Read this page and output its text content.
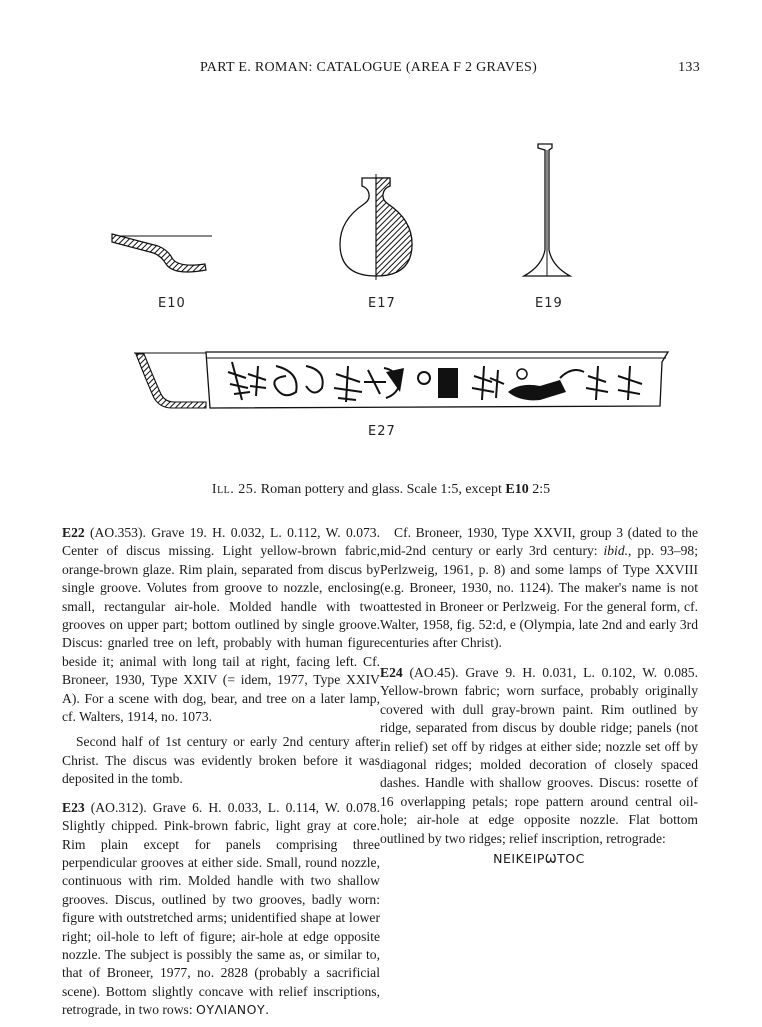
PART E. ROMAN: CATALOGUE (AREA F 2 GRAVES)	133
E10	E17	E19
E27
Ill. 25. Roman pottery and glass. Scale 1:5, except E10 2:5

E22 (AO.353). Grave 19. H. 0.032, L. 0.112, W. 0.073. Center of discus missing. Light yellow-brown fabric, orange-brown glaze. Rim plain, separated from discus by single groove. Volutes from groove to nozzle, enclosing small, rectangular air-hole. Molded handle with two grooves on upper part; bottom outlined by single groove. Discus: gnarled tree on left, probably with human figure beside it; animal with long tail at right, facing left. Cf. Broneer, 1930, Type XXIV (= idem, 1977, Type XXIV A). For a scene with dog, bear, and tree on a later lamp, cf. Walters, 1914, no. 1073.

Second half of 1st century or early 2nd century after Christ. The discus was evidently broken before it was deposited in the tomb.

E23 (AO.312). Grave 6. H. 0.033, L. 0.114, W. 0.078. Slightly chipped. Pink-brown fabric, light gray at core. Rim plain except for panels comprising three perpendicular grooves at either side. Small, round nozzle, continuous with rim. Molded handle with two shallow grooves. Discus, outlined by two grooves, badly worn: figure with outstretched arms; unidentified shape at lower right; oil-hole to left of figure; air-hole at edge opposite nozzle. The subject is possibly the same as, or similar to, that of Broneer, 1977, no. 2828 (probably a sacrificial scene). Bottom slightly concave with relief inscriptions, retrograde, in two rows: ΟΥΛΙΑΝΟΥ.

Cf. Broneer, 1930, Type XXVII, group 3 (dated to the mid-2nd century or early 3rd century: ibid., pp. 93–98; Perlzweig, 1961, p. 8) and some lamps of Type XXVIII (e.g. Broneer, 1930, no. 1124). The maker's name is not attested in Broneer or Perlzweig. For the general form, cf. Walter, 1958, fig. 52:d, e (Olympia, late 2nd and early 3rd centuries after Christ).

E24 (AO.45). Grave 9. H. 0.031, L. 0.102, W. 0.085. Yellow-brown fabric; worn surface, probably originally covered with dull gray-brown paint. Rim outlined by ridge, separated from discus by double ridge; panels (not in relief) set off by ridges at either side; nozzle set off by diagonal ridges; molded decoration of closely spaced dashes. Handle with shallow grooves. Discus: rosette of 16 overlapping petals; rope pattern around central oil-hole; air-hole at edge opposite nozzle. Flat bottom outlined by two ridges; relief inscription, retrograde:
ΝΕΙΚΕΙΡѠΤΟϹ
